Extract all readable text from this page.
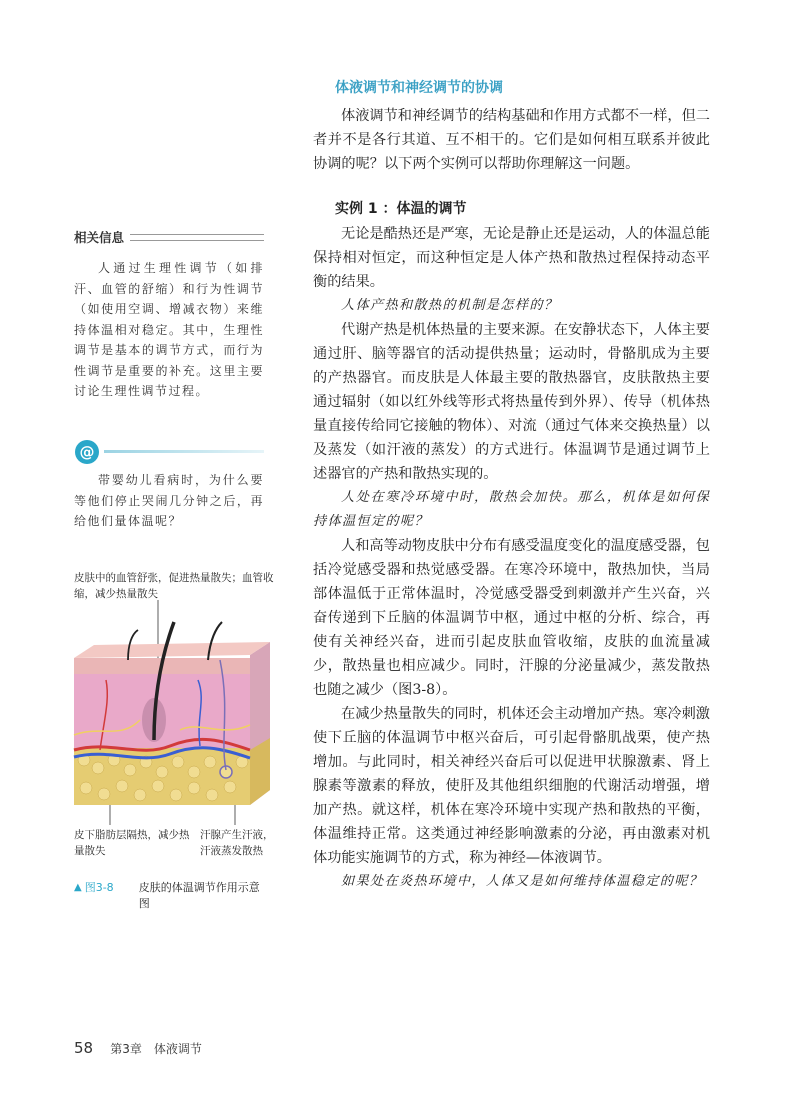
相关信息
人通过生理性调节（如排汗、血管的舒缩）和行为性调节（如使用空调、增减衣物）来维持体温相对稳定。其中，生理性调节是基本的调节方式，而行为性调节是重要的补充。这里主要讨论生理性调节过程。
@
带婴幼儿看病时，为什么要等他们停止哭闹几分钟之后，再给他们量体温呢？
皮肤中的血管舒张，促进热量散失；血管收缩，减少热量散失
皮下脂肪层隔热，减少热量散失
汗腺产生汗液，汗液蒸发散热
▲ 图3-8	皮肤的体温调节作用示意图
体液调节和神经调节的协调

体液调节和神经调节的结构基础和作用方式都不一样，但二者并不是各行其道、互不相干的。它们是如何相互联系并彼此协调的呢？以下两个实例可以帮助你理解这一问题。

实例 1 ：体温的调节

无论是酷热还是严寒，无论是静止还是运动，人的体温总能保持相对恒定，而这种恒定是人体产热和散热过程保持动态平衡的结果。

人体产热和散热的机制是怎样的？

代谢产热是机体热量的主要来源。在安静状态下，人体主要通过肝、脑等器官的活动提供热量；运动时，骨骼肌成为主要的产热器官。而皮肤是人体最主要的散热器官，皮肤散热主要通过辐射（如以红外线等形式将热量传到外界）、传导（机体热量直接传给同它接触的物体）、对流（通过气体来交换热量）以及蒸发（如汗液的蒸发）的方式进行。体温调节是通过调节上述器官的产热和散热实现的。

人处在寒冷环境中时，散热会加快。那么，机体是如何保持体温恒定的呢？

人和高等动物皮肤中分布有感受温度变化的温度感受器，包括冷觉感受器和热觉感受器。在寒冷环境中，散热加快，当局部体温低于正常体温时，冷觉感受器受到刺激并产生兴奋，兴奋传递到下丘脑的体温调节中枢，通过中枢的分析、综合，再使有关神经兴奋，进而引起皮肤血管收缩，皮肤的血流量减少，散热量也相应减少。同时，汗腺的分泌量减少，蒸发散热也随之减少（图3-8）。

在减少热量散失的同时，机体还会主动增加产热。寒冷刺激使下丘脑的体温调节中枢兴奋后，可引起骨骼肌战栗，使产热增加。与此同时，相关神经兴奋后可以促进甲状腺激素、肾上腺素等激素的释放，使肝及其他组织细胞的代谢活动增强，增加产热。就这样，机体在寒冷环境中实现产热和散热的平衡，体温维持正常。这类通过神经影响激素的分泌，再由激素对机体功能实施调节的方式，称为神经—体液调节。

如果处在炎热环境中，人体又是如何维持体温稳定的呢？

58 第3章　体液调节
